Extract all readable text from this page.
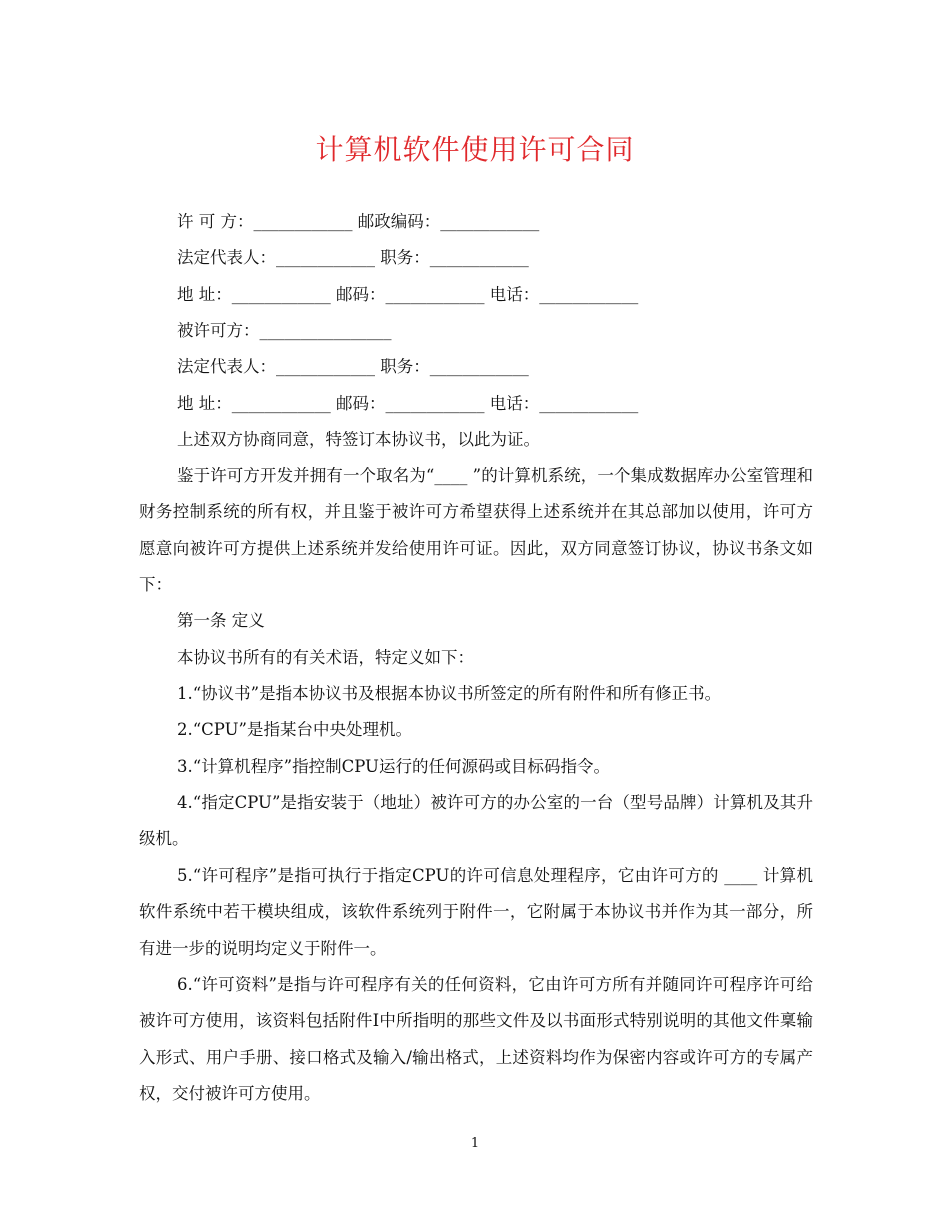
计算机软件使用许可合同
许 可 方：____________ 邮政编码：____________
法定代表人：____________ 职务：____________
地 址：____________ 邮码：____________ 电话：____________
被许可方：________________
法定代表人：____________ 职务：____________
地 址：____________ 邮码：____________ 电话：____________
上述双方协商同意，特签订本协议书，以此为证。

鉴于许可方开发并拥有一个取名为“____ ”的计算机系统，一个集成数据库办公室管理和财务控制系统的所有权，并且鉴于被许可方希望获得上述系统并在其总部加以使用，许可方愿意向被许可方提供上述系统并发给使用许可证。因此，双方同意签订协议，协议书条文如下：

第一条 定义

本协议书所有的有关术语，特定义如下：

1.“协议书”是指本协议书及根据本协议书所签定的所有附件和所有修正书。

2.“CPU”是指某台中央处理机。

3.“计算机程序”指控制CPU运行的任何源码或目标码指令。

4.“指定CPU”是指安装于（地址）被许可方的办公室的一台（型号品牌）计算机及其升级机。

5.“许可程序”是指可执行于指定CPU的许可信息处理程序，它由许可方的 ____ 计算机软件系统中若干模块组成，该软件系统列于附件一，它附属于本协议书并作为其一部分，所有进一步的说明均定义于附件一。

6.“许可资料”是指与许可程序有关的任何资料，它由许可方所有并随同许可程序许可给被许可方使用，该资料包括附件I中所指明的那些文件及以书面形式特别说明的其他文件稟输入形式、用户手册、接口格式及输入/输出格式，上述资料均作为保密内容或许可方的专属产权，交付被许可方使用。

1
